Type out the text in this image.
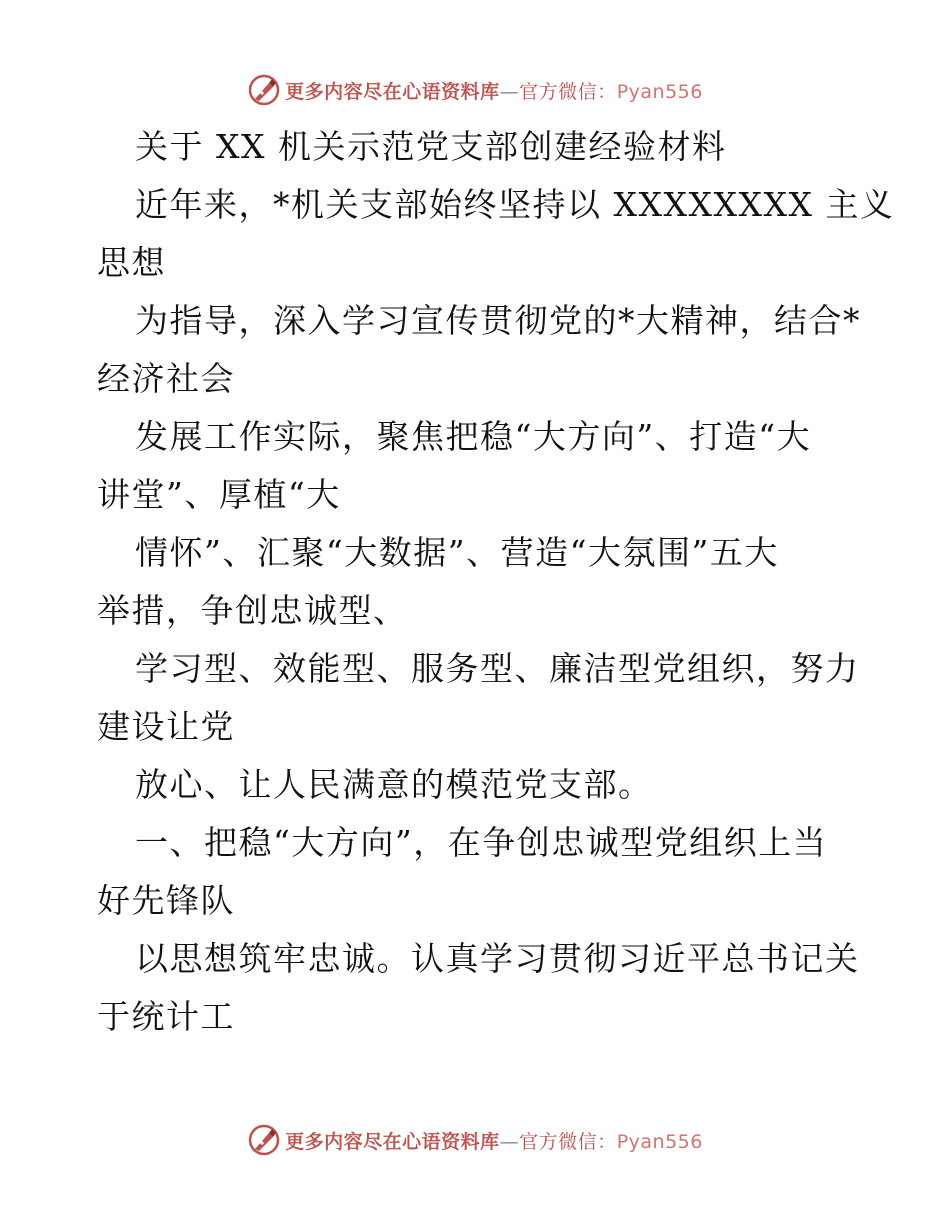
更多内容尽在心语资料库—官方微信：Pyan556
关于 XX 机关示范党支部创建经验材料
近年来，*机关支部始终坚持以 XXXXXXXX 主义
思想
为指导，深入学习宣传贯彻党的*大精神，结合*
经济社会
发展工作实际，聚焦把稳“大方向”、打造“大
讲堂”、厚植“大
情怀”、汇聚“大数据”、营造“大氛围”五大
举措，争创忠诚型、
学习型、效能型、服务型、廉洁型党组织，努力
建设让党
放心、让人民满意的模范党支部。
一、把稳“大方向”，在争创忠诚型党组织上当
好先锋队
以思想筑牢忠诚。认真学习贯彻习近平总书记关
于统计工
更多内容尽在心语资料库—官方微信：Pyan556
